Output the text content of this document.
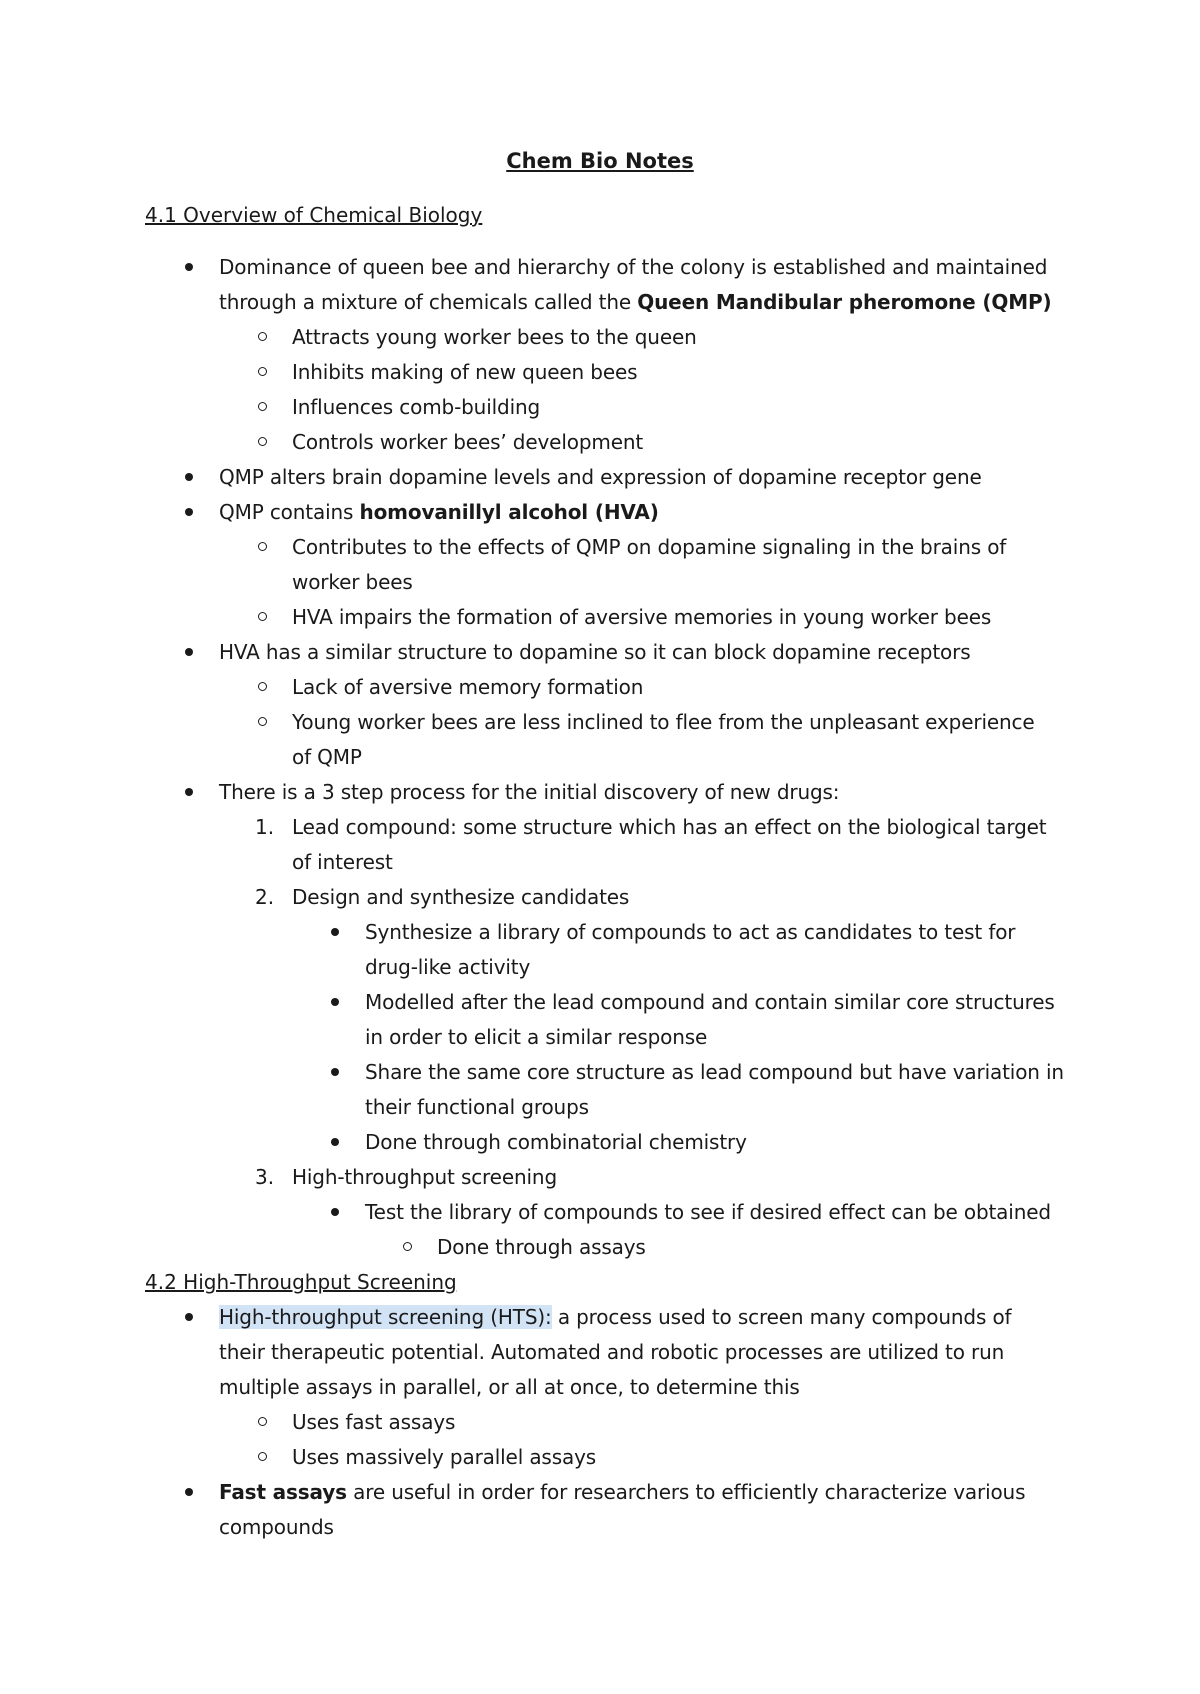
Chem Bio Notes
4.1 Overview of Chemical Biology
Dominance of queen bee and hierarchy of the colony is established and maintained
through a mixture of chemicals called the Queen Mandibular pheromone (QMP)
Attracts young worker bees to the queen
Inhibits making of new queen bees
Influences comb-building
Controls worker bees’ development
QMP alters brain dopamine levels and expression of dopamine receptor gene
QMP contains homovanillyl alcohol (HVA)
Contributes to the effects of QMP on dopamine signaling in the brains of
worker bees
HVA impairs the formation of aversive memories in young worker bees
HVA has a similar structure to dopamine so it can block dopamine receptors
Lack of aversive memory formation
Young worker bees are less inclined to flee from the unpleasant experience
of QMP
There is a 3 step process for the initial discovery of new drugs:
1. Lead compound: some structure which has an effect on the biological target
of interest
2. Design and synthesize candidates
Synthesize a library of compounds to act as candidates to test for
drug-like activity
Modelled after the lead compound and contain similar core structures
in order to elicit a similar response
Share the same core structure as lead compound but have variation in
their functional groups
Done through combinatorial chemistry
3. High-throughput screening
Test the library of compounds to see if desired effect can be obtained
Done through assays
4.2 High-Throughput Screening
High-throughput screening (HTS): a process used to screen many compounds of
their therapeutic potential. Automated and robotic processes are utilized to run
multiple assays in parallel, or all at once, to determine this
Uses fast assays
Uses massively parallel assays
Fast assays are useful in order for researchers to efficiently characterize various
compounds
